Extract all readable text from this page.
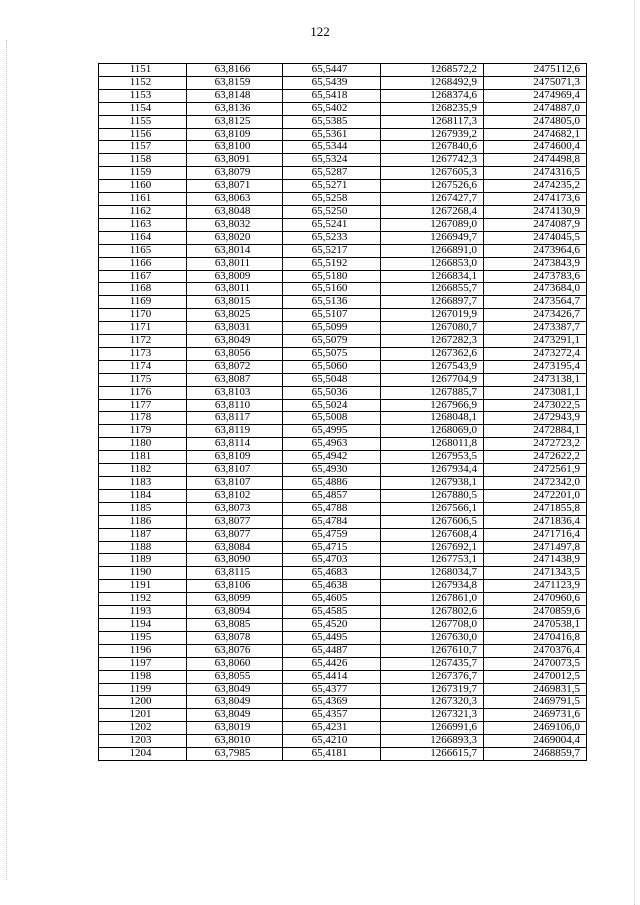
122
1151	63,8166	65,5447	1268572,2	2475112,6
1152	63,8159	65,5439	1268492,9	2475071,3
1153	63,8148	65,5418	1268374,6	2474969,4
1154	63,8136	65,5402	1268235,9	2474887,0
1155	63,8125	65,5385	1268117,3	2474805,0
1156	63,8109	65,5361	1267939,2	2474682,1
1157	63,8100	65,5344	1267840,6	2474600,4
1158	63,8091	65,5324	1267742,3	2474498,8
1159	63,8079	65,5287	1267605,3	2474316,5
1160	63,8071	65,5271	1267526,6	2474235,2
1161	63,8063	65,5258	1267427,7	2474173,6
1162	63,8048	65,5250	1267268,4	2474130,9
1163	63,8032	65,5241	1267089,0	2474087,9
1164	63,8020	65,5233	1266949,7	2474045,5
1165	63,8014	65,5217	1266891,0	2473964,6
1166	63,8011	65,5192	1266853,0	2473843,9
1167	63,8009	65,5180	1266834,1	2473783,6
1168	63,8011	65,5160	1266855,7	2473684,0
1169	63,8015	65,5136	1266897,7	2473564,7
1170	63,8025	65,5107	1267019,9	2473426,7
1171	63,8031	65,5099	1267080,7	2473387,7
1172	63,8049	65,5079	1267282,3	2473291,1
1173	63,8056	65,5075	1267362,6	2473272,4
1174	63,8072	65,5060	1267543,9	2473195,4
1175	63,8087	65,5048	1267704,9	2473138,1
1176	63,8103	65,5036	1267885,7	2473081,1
1177	63,8110	65,5024	1267966,9	2473022,5
1178	63,8117	65,5008	1268048,1	2472943,9
1179	63,8119	65,4995	1268069,0	2472884,1
1180	63,8114	65,4963	1268011,8	2472723,2
1181	63,8109	65,4942	1267953,5	2472622,2
1182	63,8107	65,4930	1267934,4	2472561,9
1183	63,8107	65,4886	1267938,1	2472342,0
1184	63,8102	65,4857	1267880,5	2472201,0
1185	63,8073	65,4788	1267566,1	2471855,8
1186	63,8077	65,4784	1267606,5	2471836,4
1187	63,8077	65,4759	1267608,4	2471716,4
1188	63,8084	65,4715	1267692,1	2471497,8
1189	63,8090	65,4703	1267753,1	2471438,9
1190	63,8115	65,4683	1268034,7	2471343,5
1191	63,8106	65,4638	1267934,8	2471123,9
1192	63,8099	65,4605	1267861,0	2470960,6
1193	63,8094	65,4585	1267802,6	2470859,6
1194	63,8085	65,4520	1267708,0	2470538,1
1195	63,8078	65,4495	1267630,0	2470416,8
1196	63,8076	65,4487	1267610,7	2470376,4
1197	63,8060	65,4426	1267435,7	2470073,5
1198	63,8055	65,4414	1267376,7	2470012,5
1199	63,8049	65,4377	1267319,7	2469831,5
1200	63,8049	65,4369	1267320,3	2469791,5
1201	63,8049	65,4357	1267321,3	2469731,6
1202	63,8019	65,4231	1266991,6	2469106,0
1203	63,8010	65,4210	1266893,3	2469004,4
1204	63,7985	65,4181	1266615,7	2468859,7
